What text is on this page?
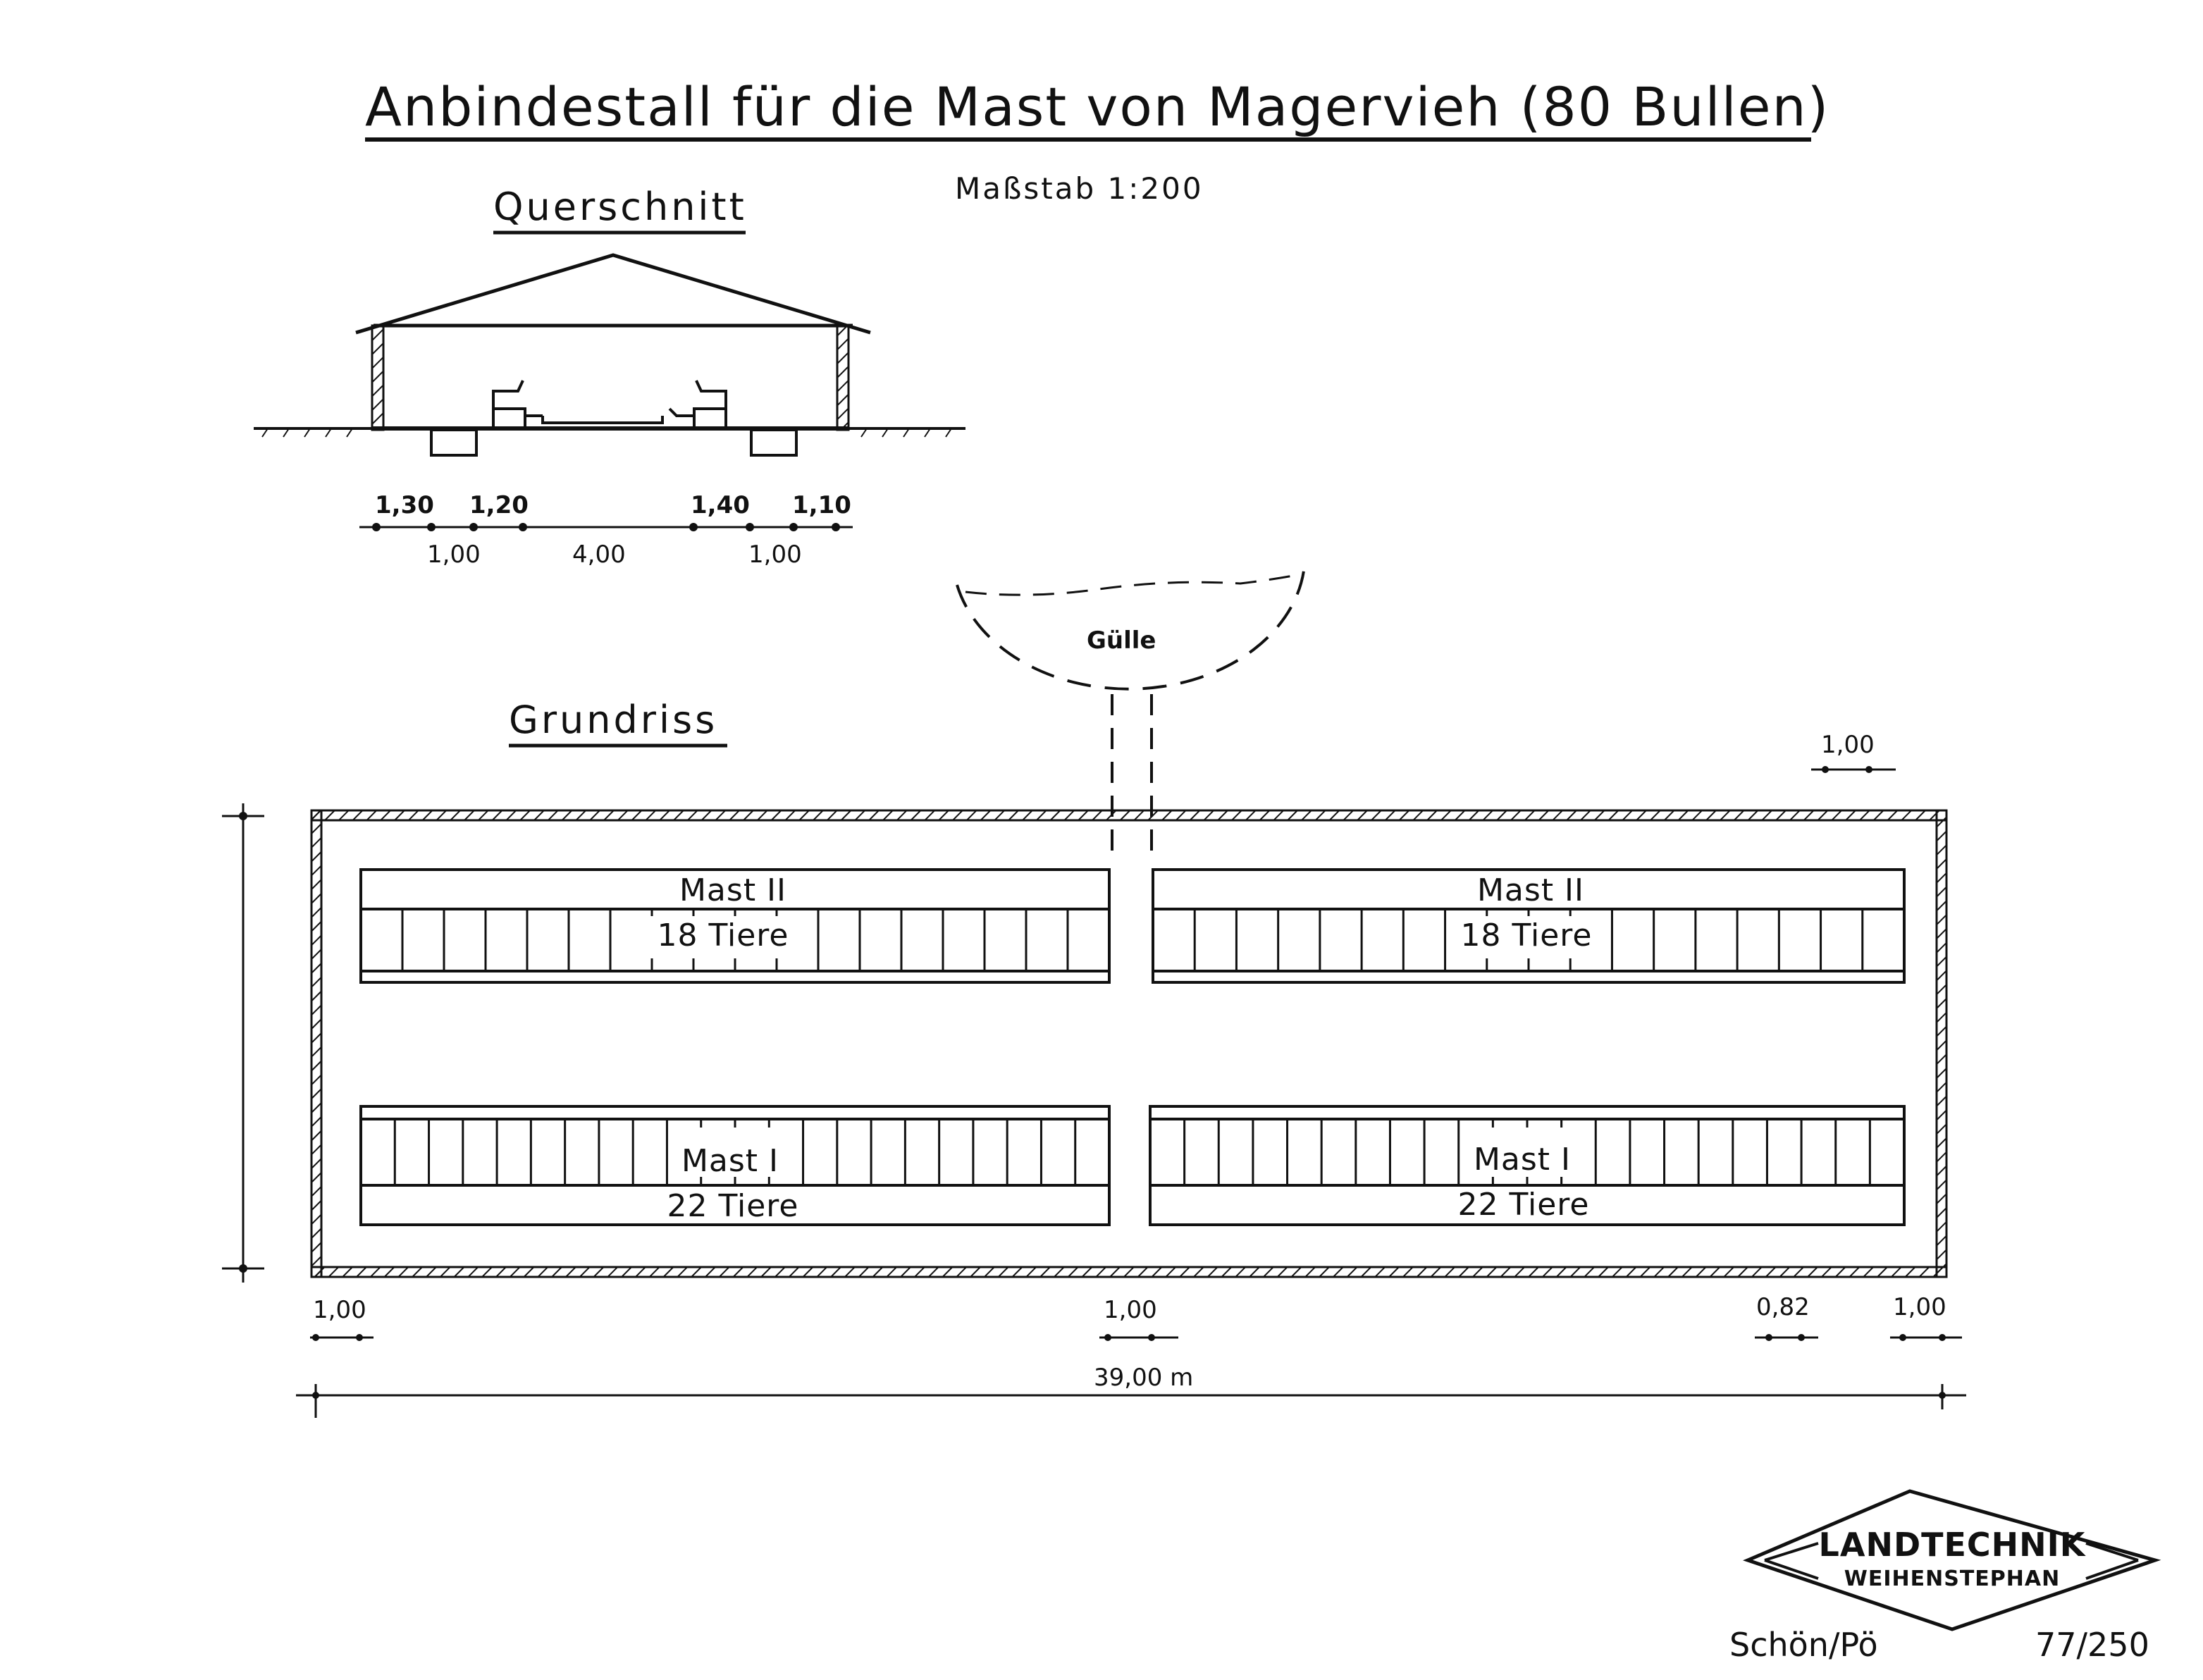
Anbindestall für die Mast von Magervieh (80 Bullen)
Maßstab 1:200
Querschnitt
1,30 1,20	1,40 1,10
1,00	4,00	1,00
Gülle
Grundriss
Mast II
18 Tiere
Mast II
18 Tiere
Mast I
22 Tiere
Mast I
22 Tiere
1,00
1,00	1,00	0,82	1,00
39,00 m
LANDTECHNIK
WEIHENSTEPHAN
Schön/Pö	77/250
